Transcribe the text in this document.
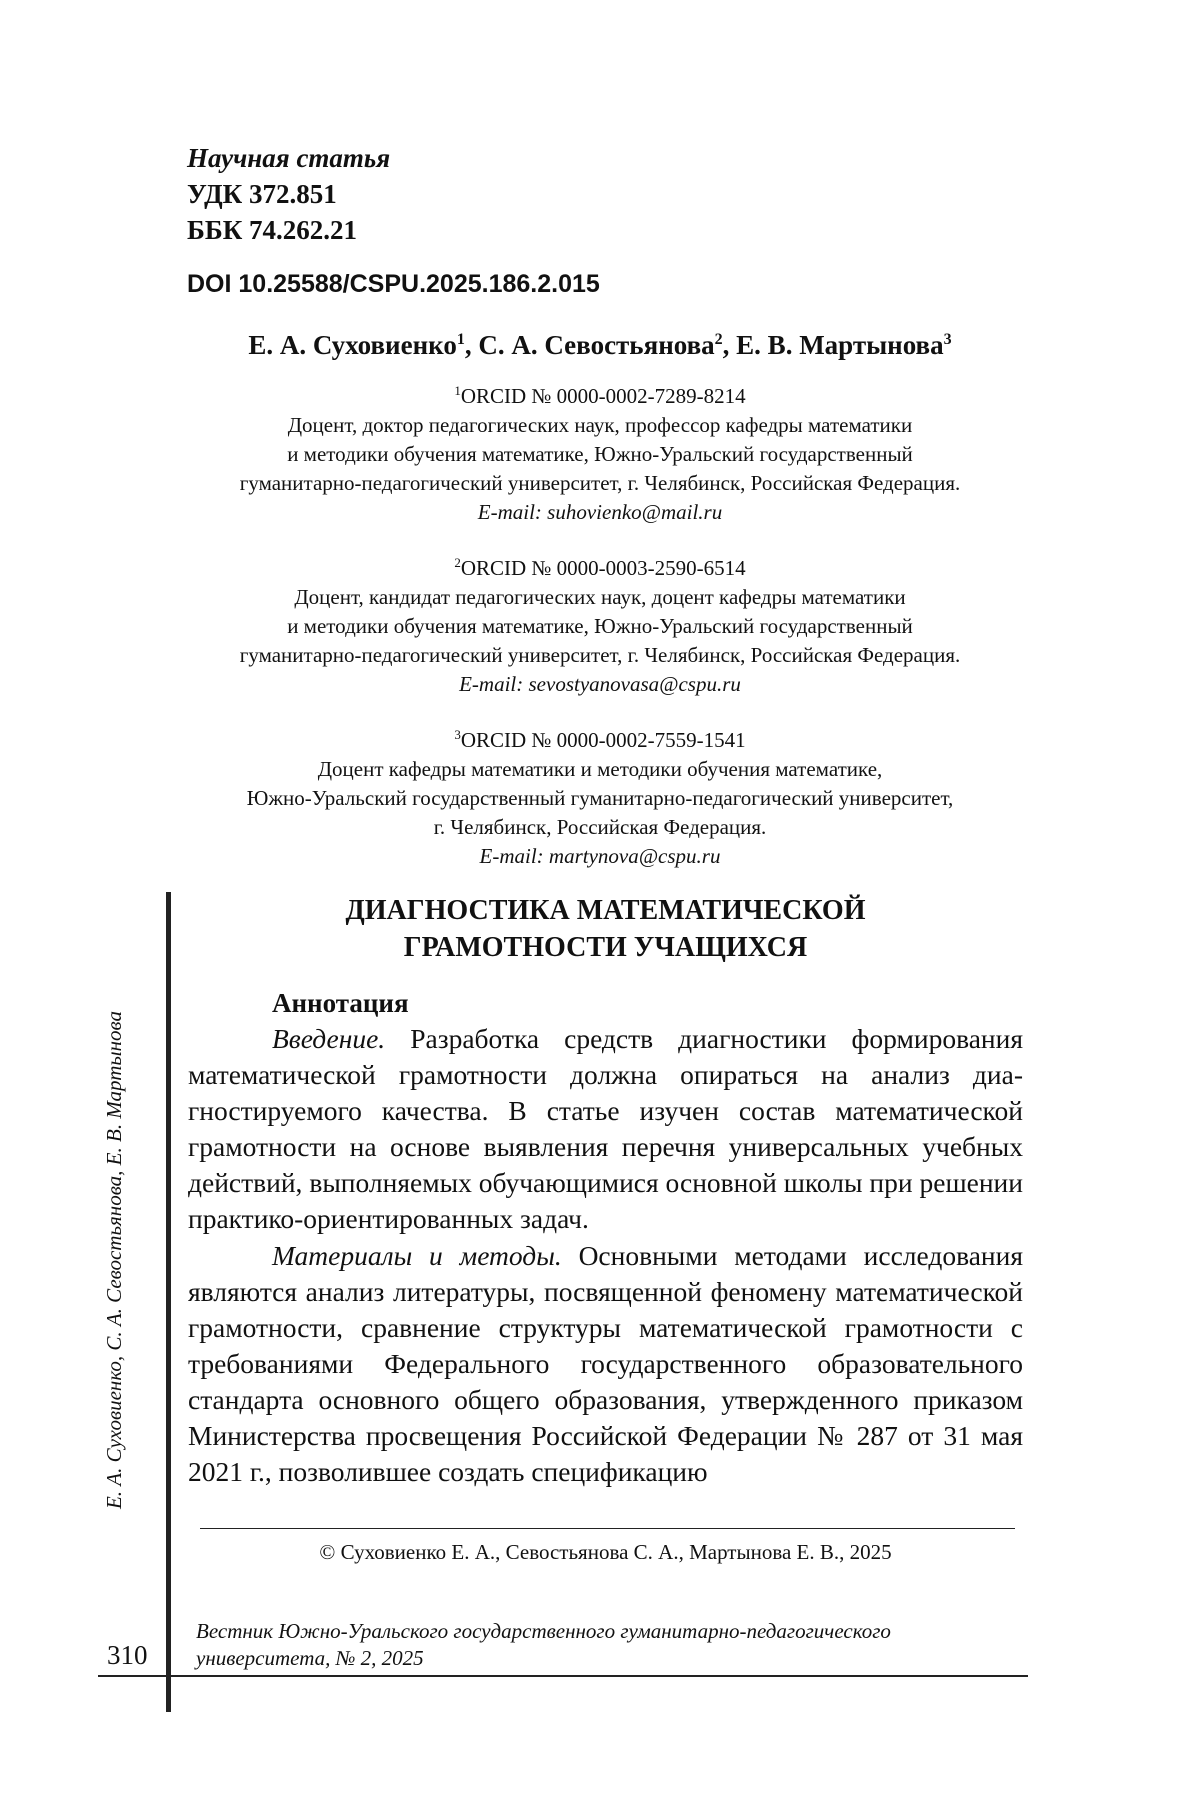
Научная статья
УДК 372.851
ББК 74.262.21
DOI 10.25588/CSPU.2025.186.2.015
Е. А. Суховиенко$^1$, С. А. Севостьянова$^2$, Е. В. Мартынова$^3$
$^1$ORCID № 0000-0002-7289-8214
Доцент, доктор педагогических наук, профессор кафедры математики
и методики обучения математике, Южно-Уральский государственный
гуманитарно-педагогический университет, г. Челябинск, Российская Федерация.
E-mail: suhovienko@mail.ru
$^2$ORCID № 0000-0003-2590-6514
Доцент, кандидат педагогических наук, доцент кафедры математики
и методики обучения математике, Южно-Уральский государственный
гуманитарно-педагогический университет, г. Челябинск, Российская Федерация.
E-mail: sevostyanovasa@cspu.ru
$^3$ORCID № 0000-0002-7559-1541
Доцент кафедры математики и методики обучения математике,
Южно-Уральский государственный гуманитарно-педагогический университет,
г. Челябинск, Российская Федерация.
E-mail: martynova@cspu.ru
Е. А. Суховиенко, С. А. Севостьянова, Е. В. Мартынова
ДИАГНОСТИКА МАТЕМАТИЧЕСКОЙ
ГРАМОТНОСТИ УЧАЩИХСЯ
Аннотация

Введение. Разработка средств диагностики формирования математической грамотности должна опираться на анализ диагностируемого качества. В статье изучен состав математической грамотности на основе выявления перечня универсальных учебных действий, выполняемых обучающимися основной школы при решении практико-ориентированных задач.

Материалы и методы. Основными методами исследования являются анализ литературы, посвященной феномену математической грамотности, сравнение структуры математической грамотности с требованиями Федерального государственного образовательного стандарта основного общего образования, утвержденного приказом Министерства просвещения Российской Федерации № 287 от 31 мая 2021 г., позволившее создать спецификацию

© Суховиенко Е. А., Севостьянова С. А., Мартынова Е. В., 2025
Вестник Южно-Уральского государственного гуманитарно-педагогического
университета, № 2, 2025
310
